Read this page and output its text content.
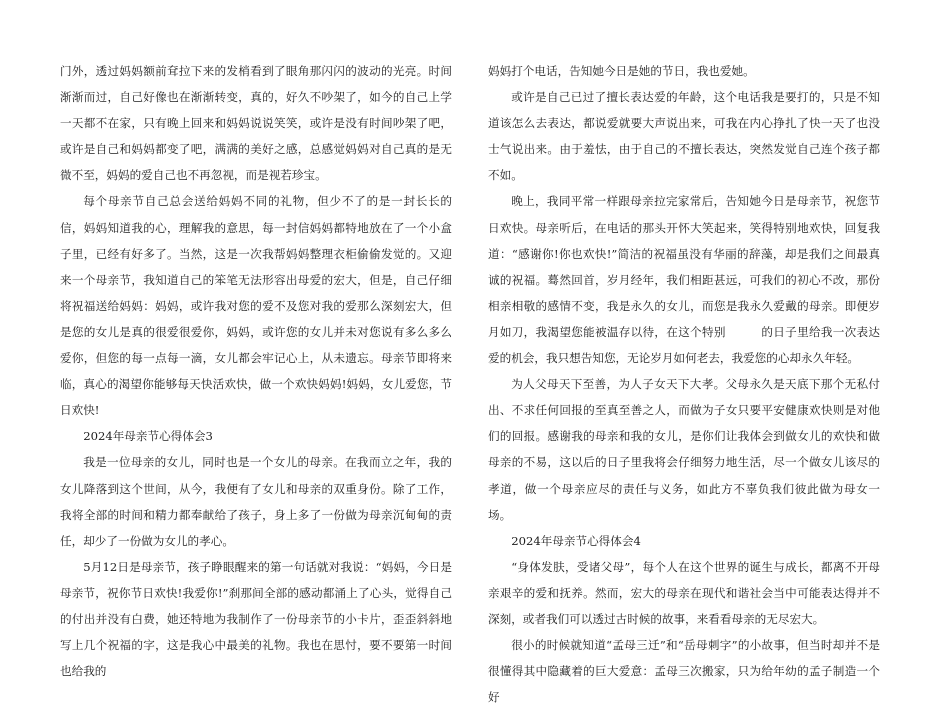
门外，透过妈妈额前耷拉下来的发梢看到了眼角那闪闪的波动的光亮。时间渐渐而过，自己好像也在渐渐转变，真的，好久不吵架了，如今的自己上学一天都不在家，只有晚上回来和妈妈说说笑笑，或许是没有时间吵架了吧，或许是自己和妈妈都变了吧，满满的美好之感，总感觉妈妈对自己真的是无微不至，妈妈的爱自己也不再忽视，而是视若珍宝。

每个母亲节自己总会送给妈妈不同的礼物，但少不了的是一封长长的信，妈妈知道我的心，理解我的意思，每一封信妈妈都特地放在了一个小盒子里，已经有好多了。当然，这是一次我帮妈妈整理衣柜偷偷发觉的。又迎来一个母亲节，我知道自己的笨笔无法形容出母爱的宏大，但是，自己仔细将祝福送给妈妈：妈妈，或许我对您的爱不及您对我的爱那么深刻宏大，但是您的女儿是真的很爱很爱你，妈妈，或许您的女儿并未对您说有多么多么爱你，但您的每一点每一滴，女儿都会牢记心上，从未遗忘。母亲节即将来临，真心的渴望你能够每天快活欢快，做一个欢快妈妈!妈妈，女儿爱您，节日欢快!

2024年母亲节心得体会3

我是一位母亲的女儿，同时也是一个女儿的母亲。在我而立之年，我的女儿降落到这个世间，从今，我便有了女儿和母亲的双重身份。除了工作，我将全部的时间和精力都奉献给了孩子，身上多了一份做为母亲沉甸甸的责任，却少了一份做为女儿的孝心。

5月12日是母亲节，孩子睁眼醒来的第一句话就对我说：“妈妈，今日是母亲节，祝你节日欢快!我爱你!”刹那间全部的感动都涌上了心头，觉得自己的付出并没有白费，她还特地为我制作了一份母亲节的小卡片，歪歪斜斜地写上几个祝福的字，这是我心中最美的礼物。我也在思忖，要不要第一时间也给我的

妈妈打个电话，告知她今日是她的节日，我也爱她。

或许是自己已过了擅长表达爱的年龄，这个电话我是要打的，只是不知道该怎么去表达，都说爱就要大声说出来，可我在内心挣扎了快一天了也没士气说出来。由于羞怯，由于自己的不擅长表达，突然发觉自己连个孩子都不如。

晚上，我同平常一样跟母亲拉完家常后，告知她今日是母亲节，祝您节日欢快。母亲听后，在电话的那头开怀大笑起来，笑得特别地欢快，回复我道：“感谢你!你也欢快!”简洁的祝福虽没有华丽的辞藻，却是我们之间最真诚的祝福。蓦然回首，岁月经年，我们相距甚远，可我们的初心不改，那份相亲相敬的感情不变，我是永久的女儿，而您是我永久爱戴的母亲。即便岁月如刀，我渴望您能被温存以待，在这个特别　　　的日子里给我一次表达爱的机会，我只想告知您，无论岁月如何老去，我爱您的心却永久年轻。

为人父母天下至善，为人子女天下大孝。父母永久是天底下那个无私付出、不求任何回报的至真至善之人，而做为子女只要平安健康欢快则是对他们的回报。感谢我的母亲和我的女儿，是你们让我体会到做女儿的欢快和做母亲的不易，这以后的日子里我将会仔细努力地生活，尽一个做女儿该尽的孝道，做一个母亲应尽的责任与义务，如此方不辜负我们彼此做为母女一场。

2024年母亲节心得体会4

“身体发肤，受诸父母”，每个人在这个世界的诞生与成长，都离不开母亲艰辛的爱和抚养。然而，宏大的母亲在现代和谐社会当中可能表达得并不深刻，或者我们可以透过古时候的故事，来看看母亲的无尽宏大。

很小的时候就知道“孟母三迁”和“岳母刺字”的小故事，但当时却并不是很懂得其中隐藏着的巨大爱意：孟母三次搬家，只为给年幼的孟子制造一个好
